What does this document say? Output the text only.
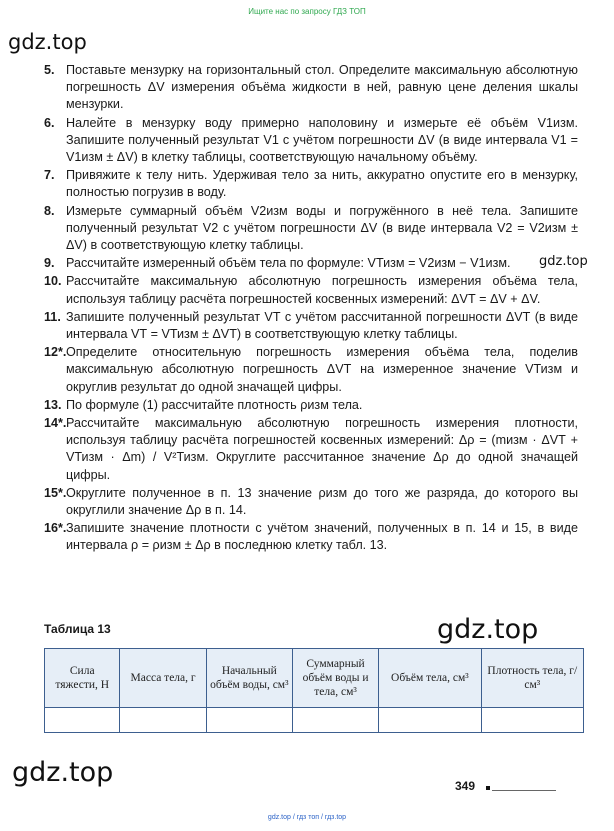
Ищите нас по запросу ГДЗ ТОП
gdz.top
gdz.top
gdz.top
gdz.top

5. Поставьте мензурку на горизонтальный стол. Определите максимальную абсолютную погрешность ΔV измерения объёма жидкости в ней, равную цене деления шкалы мензурки.

6. Налейте в мензурку воду примерно наполовину и измерьте её объём V1изм. Запишите полученный результат V1 с учётом погрешности ΔV (в виде интервала V1 = V1изм ± ΔV) в клетку таблицы, соответствующую начальному объёму.

7. Привяжите к телу нить. Удерживая тело за нить, аккуратно опустите его в мензурку, полностью погрузив в воду.

8. Измерьте суммарный объём V2изм воды и погружённого в неё тела. Запишите полученный результат V2 с учётом погрешности ΔV (в виде интервала V2 = V2изм ± ΔV) в соответствующую клетку таблицы.

9. Рассчитайте измеренный объём тела по формуле: VТизм = V2изм − V1изм.

10. Рассчитайте максимальную абсолютную погрешность измерения объёма тела, используя таблицу расчёта погрешностей косвенных измерений: ΔVТ = ΔV + ΔV.

11. Запишите полученный результат VТ с учётом рассчитанной погрешности ΔVТ (в виде интервала VТ = VТизм ± ΔVТ) в соответствующую клетку таблицы.

12*. Определите относительную погрешность измерения объёма тела, поделив максимальную абсолютную погрешность ΔVТ на измеренное значение VТизм и округлив результат до одной значащей цифры.

13. По формуле (1) рассчитайте плотность ρизм тела.

14*. Рассчитайте максимальную абсолютную погрешность измерения плотности, используя таблицу расчёта погрешностей косвенных измерений: Δρ = (mизм · ΔVТ + VТизм · Δm) / V²Тизм. Округлите рассчитанное значение Δρ до одной значащей цифры.

15*. Округлите полученное в п. 13 значение ρизм до того же разряда, до которого вы округлили значение Δρ в п. 14.

16*. Запишите значение плотности с учётом значений, полученных в п. 14 и 15, в виде интервала ρ = ρизм ± Δρ в последнюю клетку табл. 13.

Таблица 13
Сила тяжести, Н	Масса тела, г	Начальный объём воды, см³	Суммарный объём воды и тела, см³	Объём тела, см³	Плотность тела, г/см³

349
gdz.top / гдз топ / гдз.top
